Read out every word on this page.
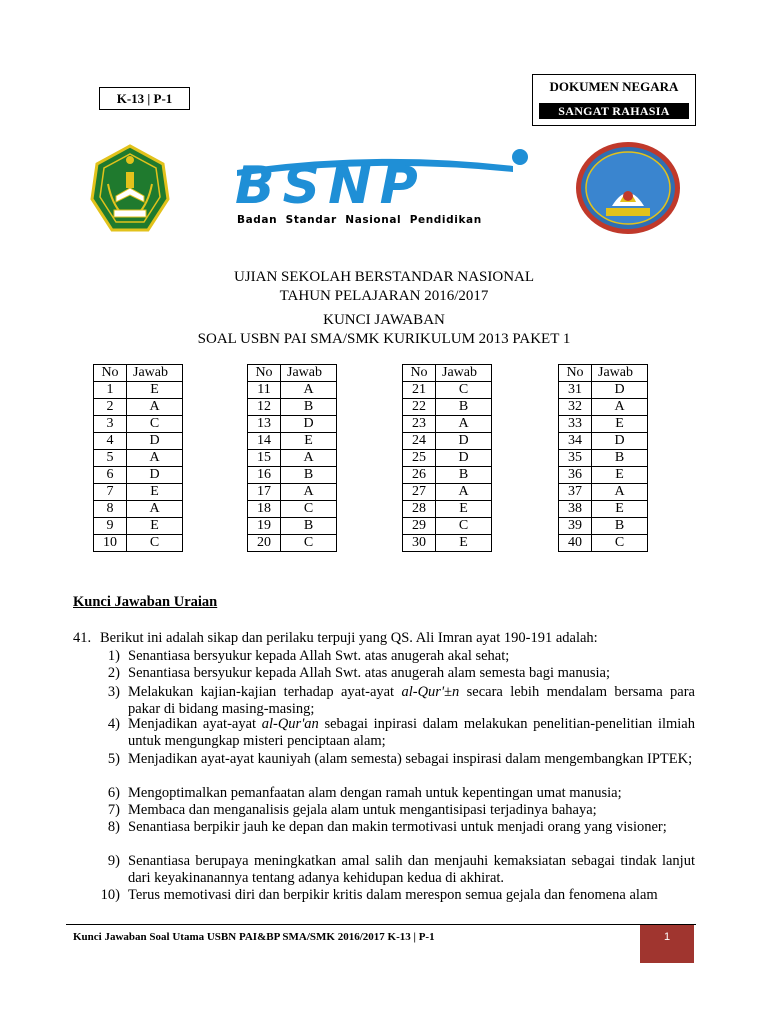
K-13 | P-1
DOKUMEN NEGARA
SANGAT RAHASIA
BSNP
Badan  Standar  Nasional  Pendidikan
TUT WURI HANDAYANI
UJIAN SEKOLAH BERSTANDAR NASIONAL
TAHUN PELAJARAN 2016/2017
KUNCI JAWABAN
SOAL USBN PAI SMA/SMK KURIKULUM 2013 PAKET 1
No	Jawab
1	E
2	A
3	C
4	D
5	A
6	D
7	E
8	A
9	E
10	C
No	Jawab
11	A
12	B
13	D
14	E
15	A
16	B
17	A
18	C
19	B
20	C
No	Jawab
21	C
22	B
23	A
24	D
25	D
26	B
27	A
28	E
29	C
30	E
No	Jawab
31	D
32	A
33	E
34	D
35	B
36	E
37	A
38	E
39	B
40	C
Kunci Jawaban Uraian
41. Berikut ini adalah sikap dan perilaku terpuji yang QS. Ali Imran ayat 190-191 adalah:
1) Senantiasa bersyukur kepada Allah Swt. atas anugerah akal sehat;
2) Senantiasa bersyukur kepada Allah Swt. atas anugerah alam semesta bagi manusia;
3) Melakukan kajian-kajian terhadap ayat-ayat al-Qur'±n secara lebih mendalam bersama para pakar di bidang masing-masing;
4) Menjadikan ayat-ayat al-Qur'an sebagai inpirasi dalam melakukan penelitian-penelitian ilmiah untuk mengungkap misteri penciptaan alam;
5) Menjadikan ayat-ayat kauniyah (alam semesta) sebagai inspirasi dalam mengembangkan IPTEK;
6) Mengoptimalkan pemanfaatan alam dengan ramah untuk kepentingan umat manusia;
7) Membaca dan menganalisis gejala alam untuk mengantisipasi terjadinya bahaya;
8) Senantiasa berpikir jauh ke depan dan makin termotivasi untuk menjadi orang yang visioner;
9) Senantiasa berupaya meningkatkan amal salih dan menjauhi kemaksiatan sebagai tindak lanjut dari keyakinanannya tentang adanya kehidupan kedua di akhirat.
10) Terus memotivasi diri dan berpikir kritis dalam merespon semua gejala dan fenomena alam
Kunci Jawaban Soal Utama USBN PAI&BP SMA/SMK 2016/2017 K-13 | P-1	1
